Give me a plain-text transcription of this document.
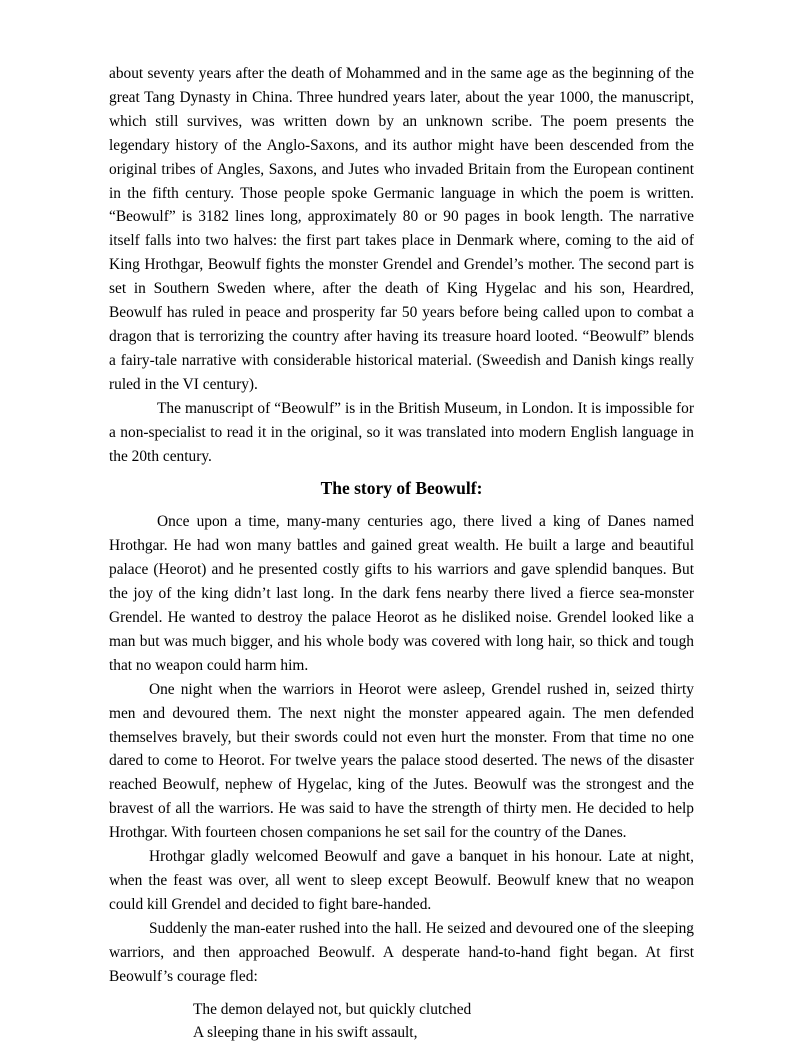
about seventy years after the death of Mohammed and in the same age as the beginning of the great Tang Dynasty in China. Three hundred years later, about the year 1000, the manuscript, which still survives, was written down by an unknown scribe. The poem presents the legendary history of the Anglo-Saxons, and its author might have been descended from the original tribes of Angles, Saxons, and Jutes who invaded Britain from the European continent in the fifth century. Those people spoke Germanic language in which the poem is written. “Beowulf” is 3182 lines long, approximately 80 or 90 pages in book length. The narrative itself falls into two halves: the first part takes place in Denmark where, coming to the aid of King Hrothgar, Beowulf fights the monster Grendel and Grendel’s mother. The second part is set in Southern Sweden where, after the death of King Hygelac and his son, Heardred, Beowulf has ruled in peace and prosperity far 50 years before being called upon to combat a dragon that is terrorizing the country after having its treasure hoard looted. “Beowulf” blends a fairy-tale narrative with considerable historical material. (Sweedish and Danish kings really ruled in the VI century).

The manuscript of “Beowulf” is in the British Museum, in London. It is impossible for a non-specialist to read it in the original, so it was translated into modern English language in the 20th century.

The story of Beowulf:

Once upon a time, many-many centuries ago, there lived a king of Danes named Hrothgar. He had won many battles and gained great wealth. He built a large and beautiful palace (Heorot) and he presented costly gifts to his warriors and gave splendid banques. But the joy of the king didn’t last long. In the dark fens nearby there lived a fierce sea-monster Grendel. He wanted to destroy the palace Heorot as he disliked noise. Grendel looked like a man but was much bigger, and his whole body was covered with long hair, so thick and tough that no weapon could harm him.

One night when the warriors in Heorot were asleep, Grendel rushed in, seized thirty men and devoured them. The next night the monster appeared again. The men defended themselves bravely, but their swords could not even hurt the monster. From that time no one dared to come to Heorot. For twelve years the palace stood deserted. The news of the disaster reached Beowulf, nephew of Hygelac, king of the Jutes. Beowulf was the strongest and the bravest of all the warriors. He was said to have the strength of thirty men. He decided to help Hrothgar. With fourteen chosen companions he set sail for the country of the Danes.

Hrothgar gladly welcomed Beowulf and gave a banquet in his honour. Late at night, when the feast was over, all went to sleep except Beowulf. Beowulf knew that no weapon could kill Grendel and decided to fight bare-handed.

Suddenly the man-eater rushed into the hall. He seized and devoured one of the sleeping warriors, and then approached Beowulf. A desperate hand-to-hand fight began. At first Beowulf’s courage fled:

The demon delayed not, but quickly clutched
A sleeping thane in his swift assault,
